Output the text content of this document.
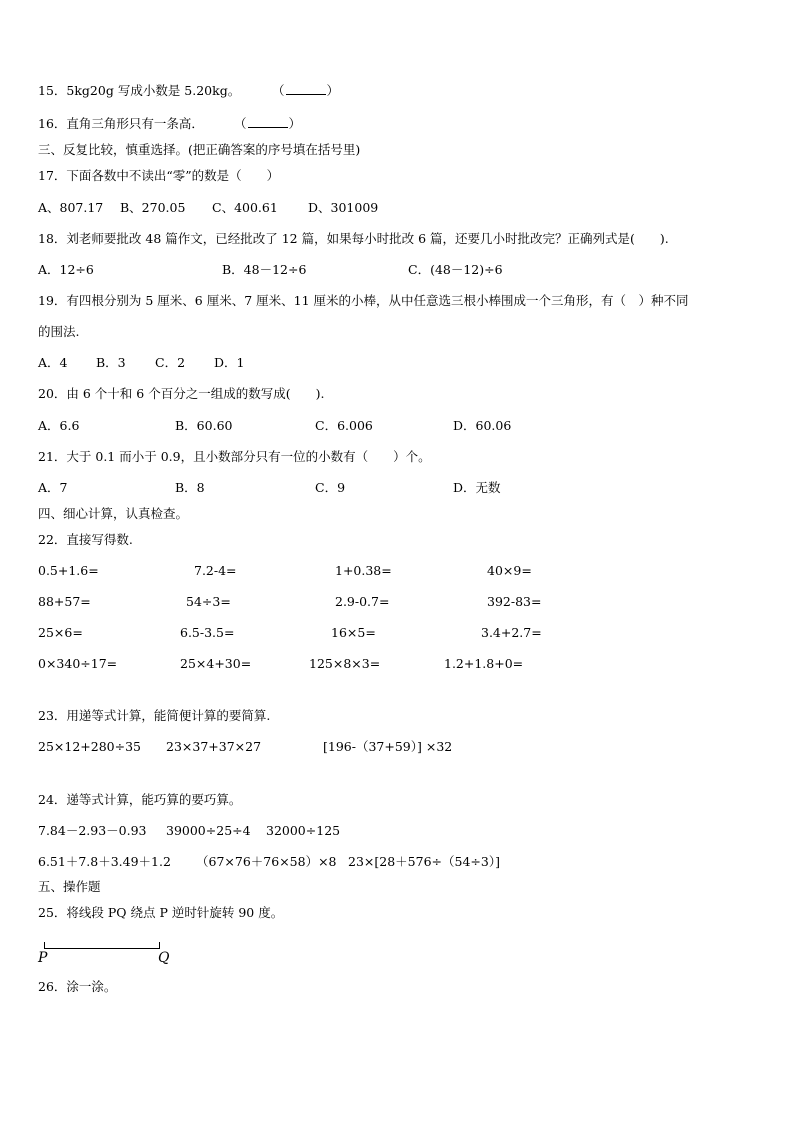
15．5kg20g 写成小数是 5.20kg。	（	）
16．直角三角形只有一条高． （	）
三、反复比较，慎重选择。(把正确答案的序号填在括号里)
17．下面各数中不读出“零”的数是（　　）
A、807.17 B、270.05 C、400.61 D、301009
18．刘老师要批改 48 篇作文，已经批改了 12 篇，如果每小时批改 6 篇，还要几小时批改完？正确列式是(　　).
A．12÷6	B．48－12÷6	C．(48－12)÷6
19．有四根分别为 5 厘米、6 厘米、7 厘米、11 厘米的小棒，从中任意选三根小棒围成一个三角形，有（　）种不同
的围法.
A．4 B．3 C．2 D．1
20．由 6 个十和 6 个百分之一组成的数写成(　　).
A．6.6	B．60.60	C．6.006	D．60.06
21．大于 0.1 而小于 0.9，且小数部分只有一位的小数有（　　）个。
A．7	B．8	C．9	D．无数
四、细心计算，认真检查。
22．直接写得数.
0.5+1.6=	7.2-4=	1+0.38=	40×9=
88+57=	54÷3=	2.9-0.7=	392-83=
25×6=	6.5-3.5=	16×5=	3.4+2.7=
0×340÷17=	25×4+30=	125×8×3=	1.2+1.8+0=
23．用递等式计算，能简便计算的要简算.
25×12+280÷35 23×37+37×27	[196-（37+59）] ×32
24．递等式计算，能巧算的要巧算。
7.84－2.93－0.93 39000÷25÷4 32000÷125
6.51＋7.8＋3.49＋1.2 （67×76＋76×58）×8 23×[28＋576÷（54÷3）]
五、操作题
25．将线段 PQ 绕点 P 逆时针旋转 90 度。
P	Q
26．涂一涂。
